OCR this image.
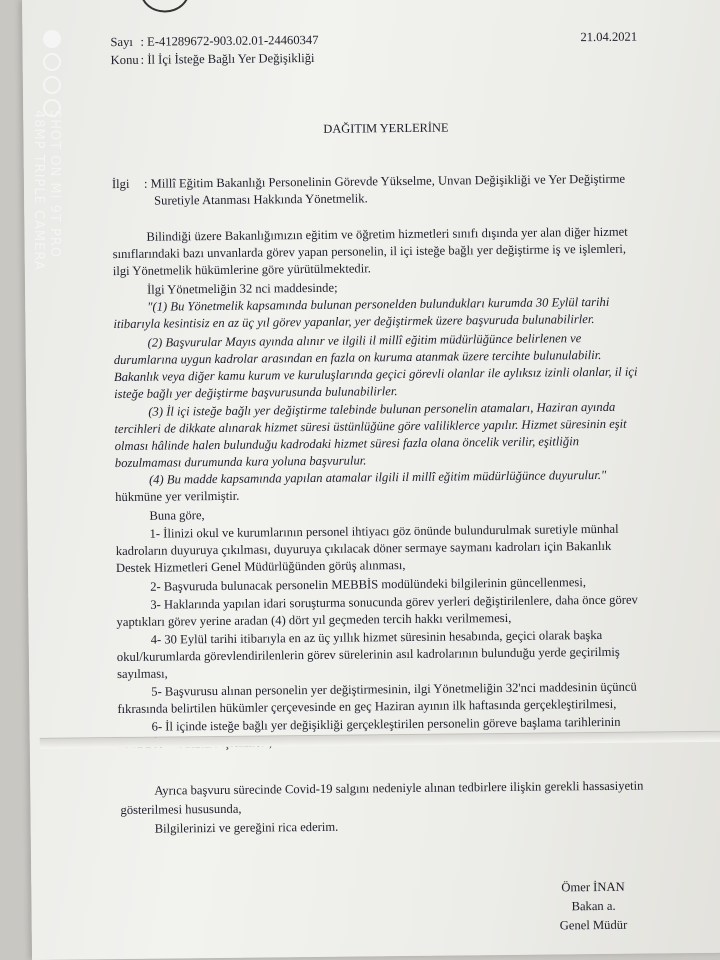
Sayı : E-41289672-903.02.01-24460347
Konu : İl İçi İsteğe Bağlı Yer Değişikliği
21.04.2021
DAĞITIM YERLERİNE
İlgi : Millî Eğitim Bakanlığı Personelinin Görevde Yükselme, Unvan Değişikliği ve Yer Değiştirme
Suretiyle Atanması Hakkında Yönetmelik.
Bilindiği üzere Bakanlığımızın eğitim ve öğretim hizmetleri sınıfı dışında yer alan diğer hizmet
sınıflarındaki bazı unvanlarda görev yapan personelin, il içi isteğe bağlı yer değiştirme iş ve işlemleri,
ilgi Yönetmelik hükümlerine göre yürütülmektedir.
İlgi Yönetmeliğin 32 nci maddesinde;
"(1) Bu Yönetmelik kapsamında bulunan personelden bulundukları kurumda 30 Eylül tarihi
itibarıyla kesintisiz en az üç yıl görev yapanlar, yer değiştirmek üzere başvuruda bulunabilirler.
(2) Başvurular Mayıs ayında alınır ve ilgili il millî eğitim müdürlüğünce belirlenen ve
durumlarına uygun kadrolar arasından en fazla on kuruma atanmak üzere tercihte bulunulabilir.
Bakanlık veya diğer kamu kurum ve kuruluşlarında geçici görevli olanlar ile aylıksız izinli olanlar, il içi
isteğe bağlı yer değiştirme başvurusunda bulunabilirler.
(3) İl içi isteğe bağlı yer değiştirme talebinde bulunan personelin atamaları, Haziran ayında
tercihleri de dikkate alınarak hizmet süresi üstünlüğüne göre valiliklerce yapılır. Hizmet süresinin eşit
olması hâlinde halen bulunduğu kadrodaki hizmet süresi fazla olana öncelik verilir, eşitliğin
bozulmaması durumunda kura yoluna başvurulur.
(4) Bu madde kapsamında yapılan atamalar ilgili il millî eğitim müdürlüğünce duyurulur."
hükmüne yer verilmiştir.
Buna göre,
1- İlinizi okul ve kurumlarının personel ihtiyacı göz önünde bulundurulmak suretiyle münhal
kadroların duyuruya çıkılması, duyuruya çıkılacak döner sermaye saymanı kadroları için Bakanlık
Destek Hizmetleri Genel Müdürlüğünden görüş alınması,
2- Başvuruda bulunacak personelin MEBBİS modülündeki bilgilerinin güncellenmesi,
3- Haklarında yapılan idari soruşturma sonucunda görev yerleri değiştirilenlere, daha önce görev
yaptıkları görev yerine aradan (4) dört yıl geçmeden tercih hakkı verilmemesi,
4- 30 Eylül tarihi itibarıyla en az üç yıllık hizmet süresinin hesabında, geçici olarak başka
okul/kurumlarda görevlendirilenlerin görev sürelerinin asıl kadrolarının bulunduğu yerde geçirilmiş
sayılması,
5- Başvurusu alınan personelin yer değiştirmesinin, ilgi Yönetmeliğin 32'nci maddesinin üçüncü
fıkrasında belirtilen hükümler çerçevesinde en geç Haziran ayının ilk haftasında gerçekleştirilmesi,
6- İl içinde isteğe bağlı yer değişikliği gerçekleştirilen personelin göreve başlama tarihlerinin
Ayrıca başvuru sürecinde Covid-19 salgını nedeniyle alınan tedbirlere ilişkin gerekli hassasiyetin
gösterilmesi hususunda,
Bilgilerinizi ve gereğini rica ederim.
Ömer İNAN
Bakan a.
Genel Müdür
SHOT ON MI 9T PRO
48MP TRIPLE CAMERA
